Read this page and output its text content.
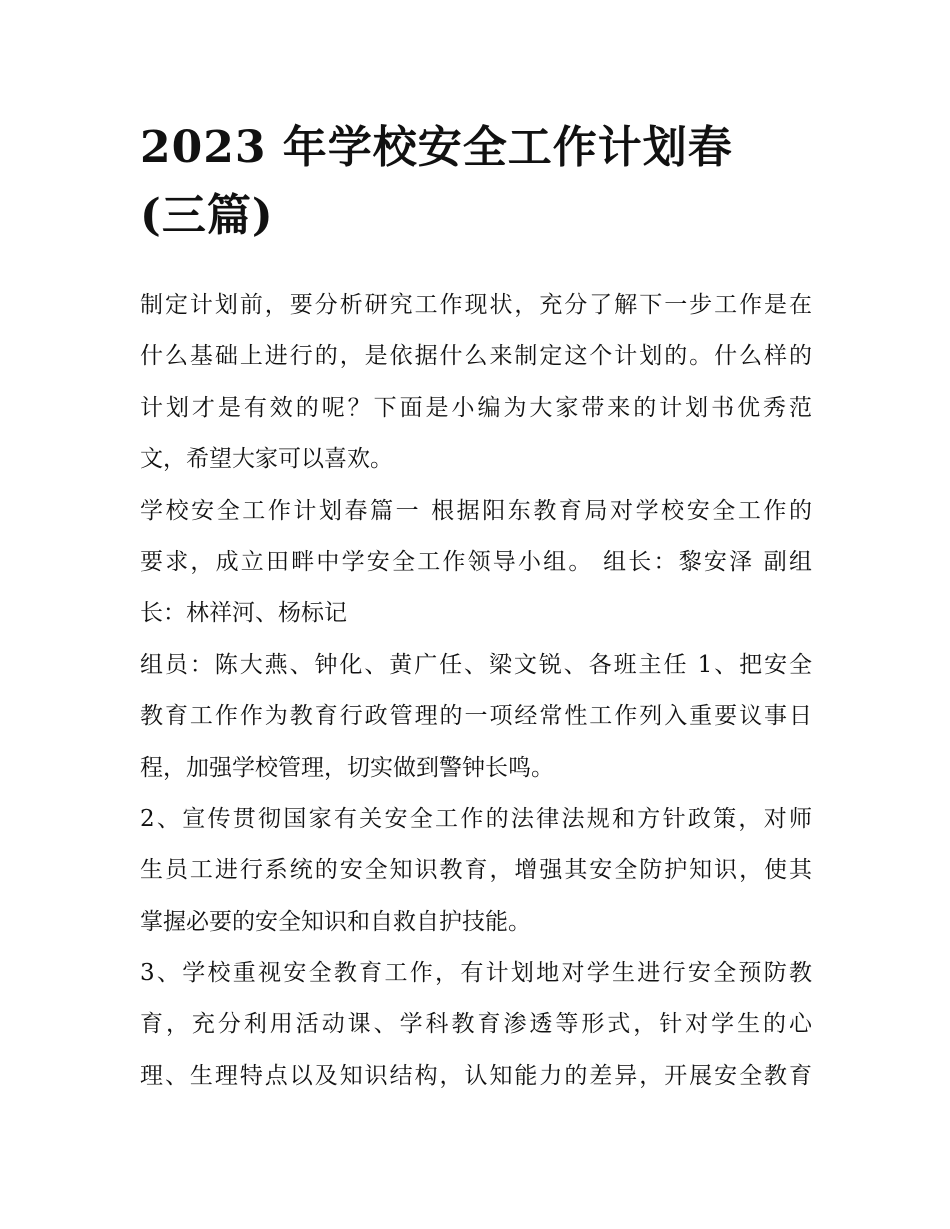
2023 年学校安全工作计划春
(三篇)
制定计划前，要分析研究工作现状，充分了解下一步工作是在
什么基础上进行的，是依据什么来制定这个计划的。什么样的
计划才是有效的呢？下面是小编为大家带来的计划书优秀范
文，希望大家可以喜欢。
学校安全工作计划春篇一 根据阳东教育局对学校安全工作的
要求，成立田畔中学安全工作领导小组。 组长：黎安泽 副组
长：林祥河、杨标记
组员：陈大燕、钟化、黄广任、梁文锐、各班主任 1、把安全
教育工作作为教育行政管理的一项经常性工作列入重要议事日
程，加强学校管理，切实做到警钟长鸣。
2、宣传贯彻国家有关安全工作的法律法规和方针政策，对师
生员工进行系统的安全知识教育，增强其安全防护知识，使其
掌握必要的安全知识和自救自护技能。
3、学校重视安全教育工作，有计划地对学生进行安全预防教
育，充分利用活动课、学科教育渗透等形式，针对学生的心
理、生理特点以及知识结构，认知能力的差异，开展安全教育
